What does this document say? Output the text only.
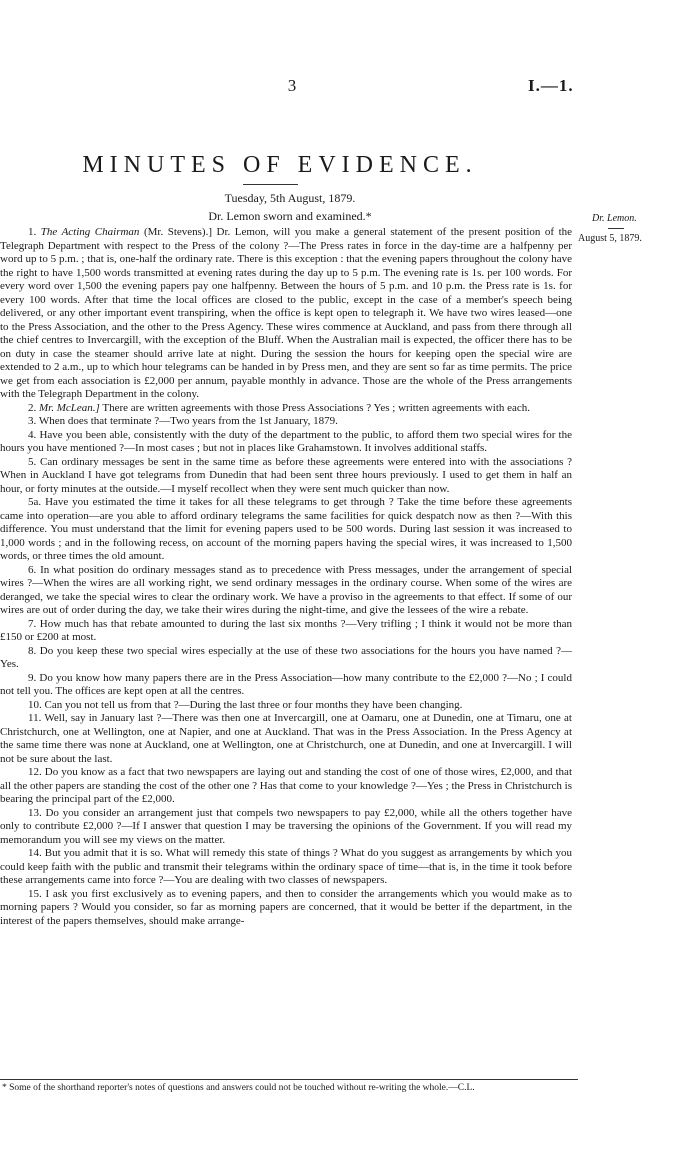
3	I.—1.
MINUTES OF EVIDENCE.
Tuesday, 5th August, 1879.
Dr. Lemon sworn and examined.*	Dr. Lemon.
August 5, 1879.

1. The Acting Chairman (Mr. Stevens).] Dr. Lemon, will you make a general statement of the present position of the Telegraph Department with respect to the Press of the colony ?—The Press rates in force in the day-time are a halfpenny per word up to 5 p.m. ; that is, one-half the ordinary rate. There is this exception : that the evening papers throughout the colony have the right to have 1,500 words transmitted at evening rates during the day up to 5 p.m. The evening rate is 1s. per 100 words. For every word over 1,500 the evening papers pay one halfpenny. Between the hours of 5 p.m. and 10 p.m. the Press rate is 1s. for every 100 words. After that time the local offices are closed to the public, except in the case of a member's speech being delivered, or any other important event transpiring, when the office is kept open to telegraph it. We have two wires leased—one to the Press Association, and the other to the Press Agency. These wires commence at Auckland, and pass from there through all the chief centres to Invercargill, with the exception of the Bluff. When the Australian mail is expected, the officer there has to be on duty in case the steamer should arrive late at night. During the session the hours for keeping open the special wire are extended to 2 a.m., up to which hour telegrams can be handed in by Press men, and they are sent so far as time permits. The price we get from each association is £2,000 per annum, payable monthly in advance. Those are the whole of the Press arrangements with the Telegraph Department in the colony.

2. Mr. McLean.] There are written agreements with those Press Associations ? Yes ; written agreements with each.

3. When does that terminate ?—Two years from the 1st January, 1879.

4. Have you been able, consistently with the duty of the department to the public, to afford them two special wires for the hours you have mentioned ?—In most cases ; but not in places like Grahamstown. It involves additional staffs.

5. Can ordinary messages be sent in the same time as before these agreements were entered into with the associations ? When in Auckland I have got telegrams from Dunedin that had been sent three hours previously. I used to get them in half an hour, or forty minutes at the outside.—I myself recollect when they were sent much quicker than now.

5a. Have you estimated the time it takes for all these telegrams to get through ? Take the time before these agreements came into operation—are you able to afford ordinary telegrams the same facilities for quick despatch now as then ?—With this difference. You must understand that the limit for evening papers used to be 500 words. During last session it was increased to 1,000 words ; and in the following recess, on account of the morning papers having the special wires, it was increased to 1,500 words, or three times the old amount.

6. In what position do ordinary messages stand as to precedence with Press messages, under the arrangement of special wires ?—When the wires are all working right, we send ordinary messages in the ordinary course. When some of the wires are deranged, we take the special wires to clear the ordinary work. We have a proviso in the agreements to that effect. If some of our wires are out of order during the day, we take their wires during the night-time, and give the lessees of the wire a rebate.

7. How much has that rebate amounted to during the last six months ?—Very trifling ; I think it would not be more than £150 or £200 at most.

8. Do you keep these two special wires especially at the use of these two associations for the hours you have named ?—Yes.

9. Do you know how many papers there are in the Press Association—how many contribute to the £2,000 ?—No ; I could not tell you. The offices are kept open at all the centres.

10. Can you not tell us from that ?—During the last three or four months they have been changing.

11. Well, say in January last ?—There was then one at Invercargill, one at Oamaru, one at Dunedin, one at Timaru, one at Christchurch, one at Wellington, one at Napier, and one at Auckland. That was in the Press Association. In the Press Agency at the same time there was none at Auckland, one at Wellington, one at Christchurch, one at Dunedin, and one at Invercargill. I will not be sure about the last.

12. Do you know as a fact that two newspapers are laying out and standing the cost of one of those wires, £2,000, and that all the other papers are standing the cost of the other one ? Has that come to your knowledge ?—Yes ; the Press in Christchurch is bearing the principal part of the £2,000.

13. Do you consider an arrangement just that compels two newspapers to pay £2,000, while all the others together have only to contribute £2,000 ?—If I answer that question I may be traversing the opinions of the Government. If you will read my memorandum you will see my views on the matter.

14. But you admit that it is so. What will remedy this state of things ? What do you suggest as arrangements by which you could keep faith with the public and transmit their telegrams within the ordinary space of time—that is, in the time it took before these arrangements came into force ?—You are dealing with two classes of newspapers.

15. I ask you first exclusively as to evening papers, and then to consider the arrangements which you would make as to morning papers ? Would you consider, so far as morning papers are concerned, that it would be better if the department, in the interest of the papers themselves, should make arrange-

* Some of the shorthand reporter's notes of questions and answers could not be touched without re-writing the whole.—C.L.
